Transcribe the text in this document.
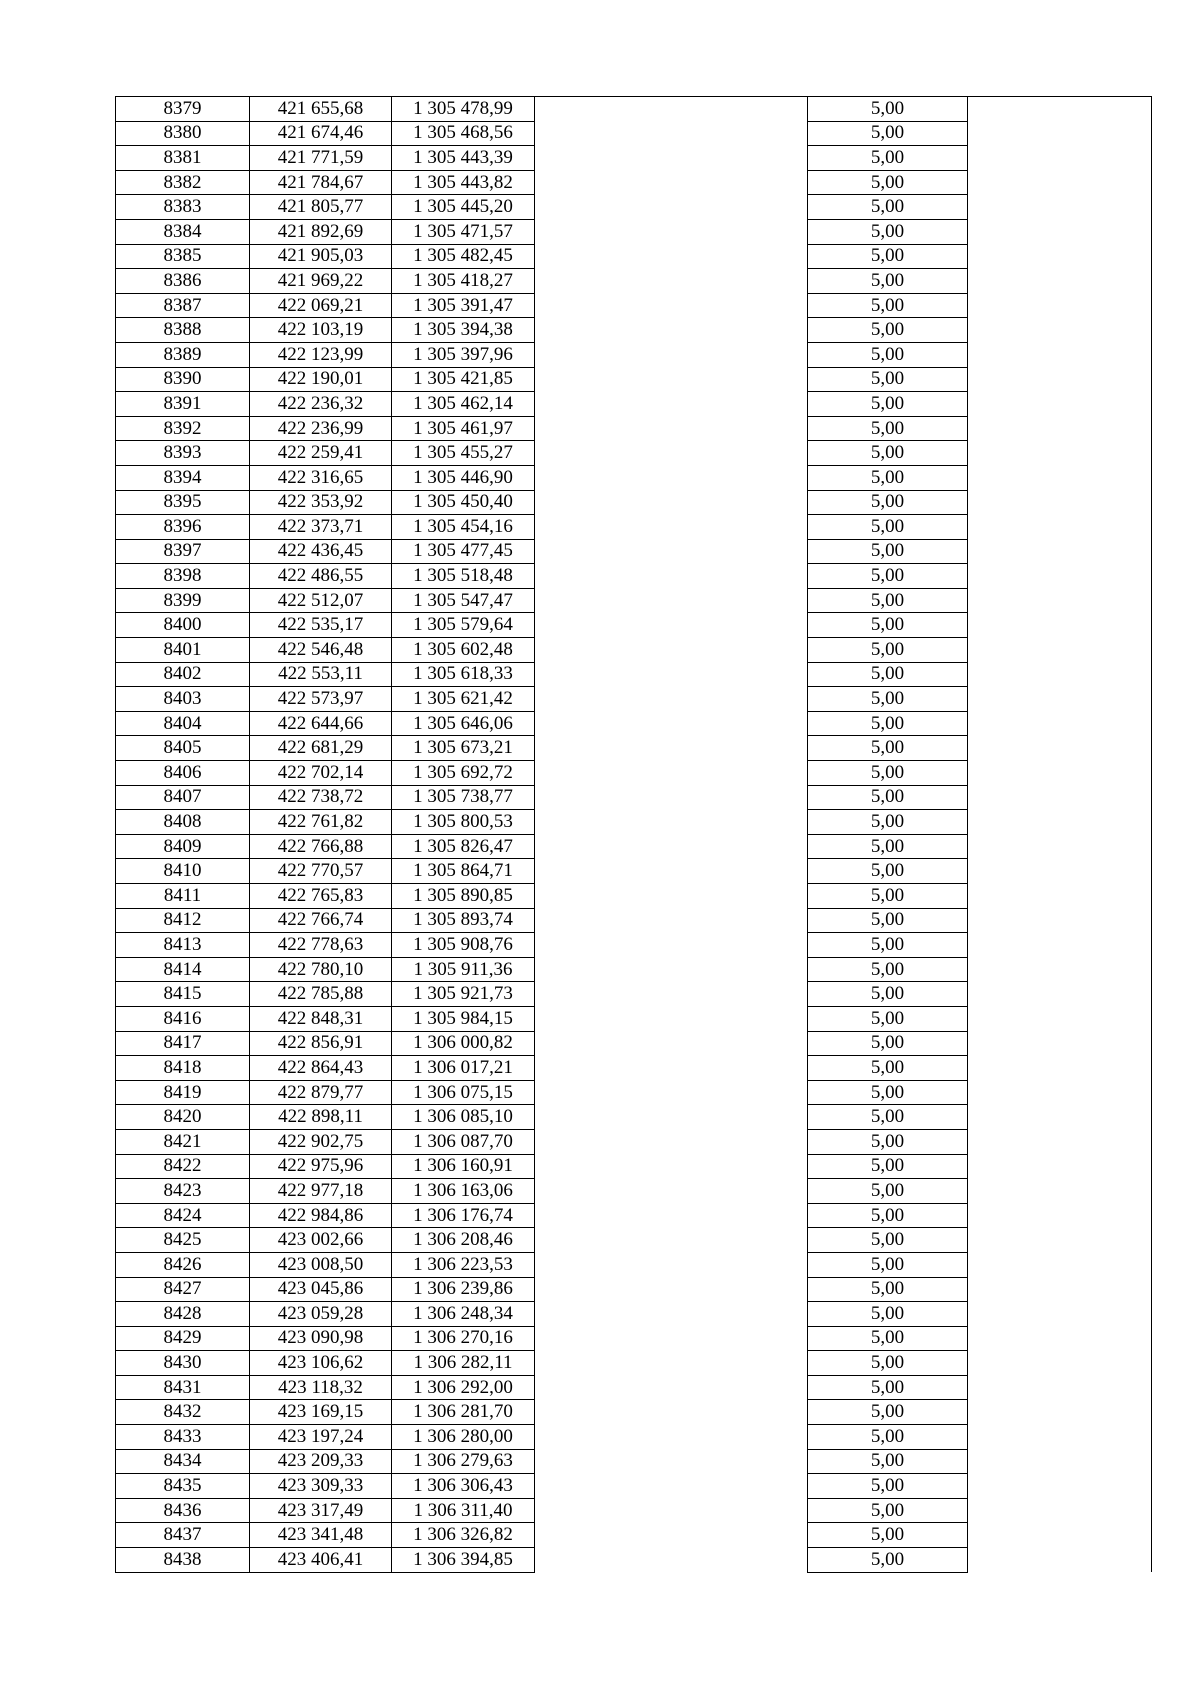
8379	421 655,68	1 305 478,99		5,00	
8380	421 674,46	1 305 468,56		5,00	
8381	421 771,59	1 305 443,39		5,00	
8382	421 784,67	1 305 443,82		5,00	
8383	421 805,77	1 305 445,20		5,00	
8384	421 892,69	1 305 471,57		5,00	
8385	421 905,03	1 305 482,45		5,00	
8386	421 969,22	1 305 418,27		5,00	
8387	422 069,21	1 305 391,47		5,00	
8388	422 103,19	1 305 394,38		5,00	
8389	422 123,99	1 305 397,96		5,00	
8390	422 190,01	1 305 421,85		5,00	
8391	422 236,32	1 305 462,14		5,00	
8392	422 236,99	1 305 461,97		5,00	
8393	422 259,41	1 305 455,27		5,00	
8394	422 316,65	1 305 446,90		5,00	
8395	422 353,92	1 305 450,40		5,00	
8396	422 373,71	1 305 454,16		5,00	
8397	422 436,45	1 305 477,45		5,00	
8398	422 486,55	1 305 518,48		5,00	
8399	422 512,07	1 305 547,47		5,00	
8400	422 535,17	1 305 579,64		5,00	
8401	422 546,48	1 305 602,48		5,00	
8402	422 553,11	1 305 618,33		5,00	
8403	422 573,97	1 305 621,42		5,00	
8404	422 644,66	1 305 646,06		5,00	
8405	422 681,29	1 305 673,21		5,00	
8406	422 702,14	1 305 692,72		5,00	
8407	422 738,72	1 305 738,77		5,00	
8408	422 761,82	1 305 800,53		5,00	
8409	422 766,88	1 305 826,47		5,00	
8410	422 770,57	1 305 864,71		5,00	
8411	422 765,83	1 305 890,85		5,00	
8412	422 766,74	1 305 893,74		5,00	
8413	422 778,63	1 305 908,76		5,00	
8414	422 780,10	1 305 911,36		5,00	
8415	422 785,88	1 305 921,73		5,00	
8416	422 848,31	1 305 984,15		5,00	
8417	422 856,91	1 306 000,82		5,00	
8418	422 864,43	1 306 017,21		5,00	
8419	422 879,77	1 306 075,15		5,00	
8420	422 898,11	1 306 085,10		5,00	
8421	422 902,75	1 306 087,70		5,00	
8422	422 975,96	1 306 160,91		5,00	
8423	422 977,18	1 306 163,06		5,00	
8424	422 984,86	1 306 176,74		5,00	
8425	423 002,66	1 306 208,46		5,00	
8426	423 008,50	1 306 223,53		5,00	
8427	423 045,86	1 306 239,86		5,00	
8428	423 059,28	1 306 248,34		5,00	
8429	423 090,98	1 306 270,16		5,00	
8430	423 106,62	1 306 282,11		5,00	
8431	423 118,32	1 306 292,00		5,00	
8432	423 169,15	1 306 281,70		5,00	
8433	423 197,24	1 306 280,00		5,00	
8434	423 209,33	1 306 279,63		5,00	
8435	423 309,33	1 306 306,43		5,00	
8436	423 317,49	1 306 311,40		5,00	
8437	423 341,48	1 306 326,82		5,00	
8438	423 406,41	1 306 394,85		5,00	
